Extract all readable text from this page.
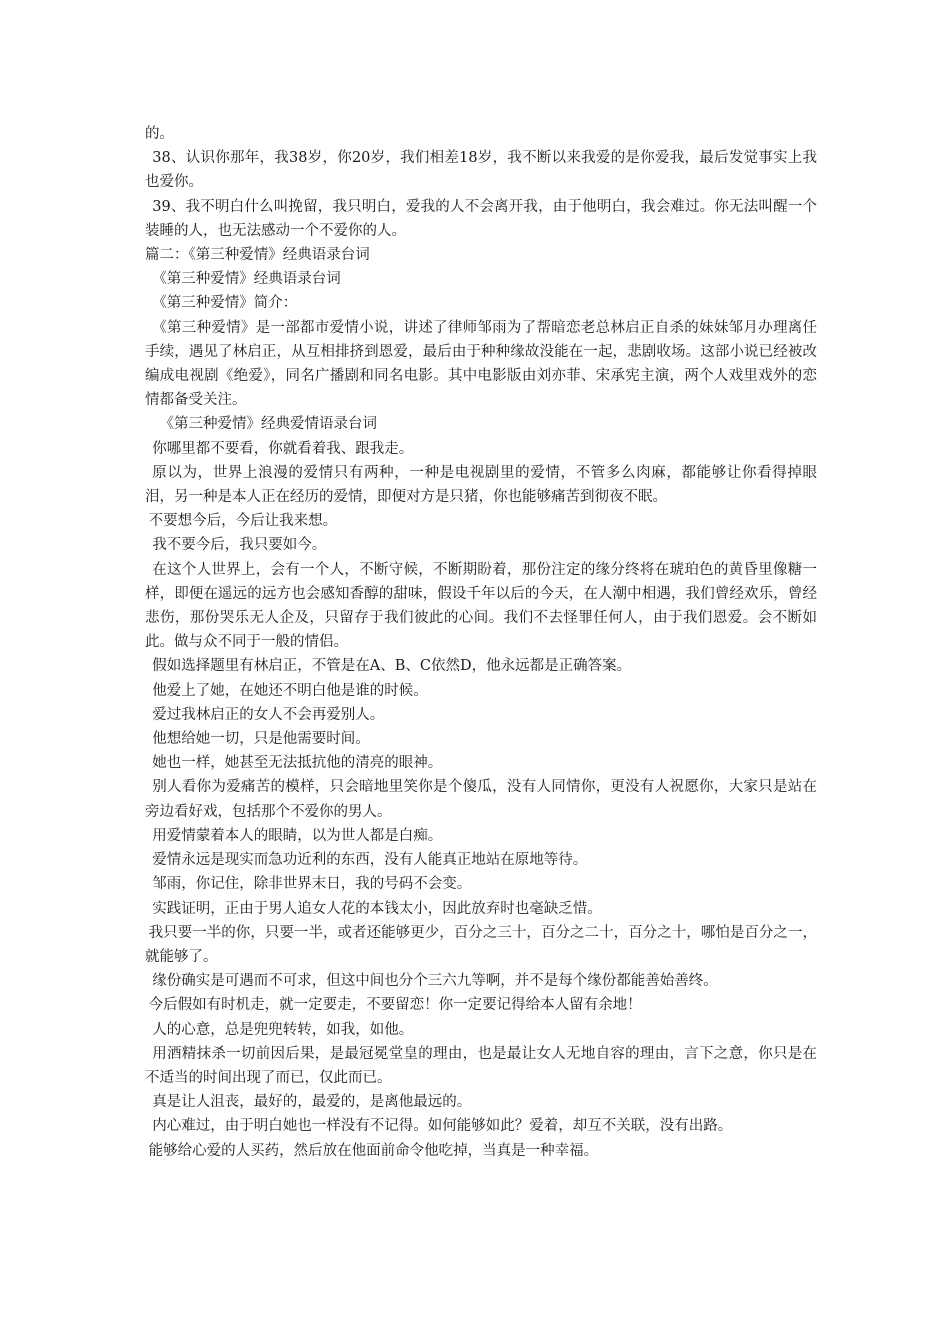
的。

38、认识你那年，我38岁，你20岁，我们相差18岁，我不断以来我爱的是你爱我，最后发觉事实上我也爱你。

39、我不明白什么叫挽留，我只明白，爱我的人不会离开我，由于他明白，我会难过。你无法叫醒一个装睡的人，也无法感动一个不爱你的人。

篇二：《第三种爱情》经典语录台词

《第三种爱情》经典语录台词

《第三种爱情》简介：

《第三种爱情》是一部都市爱情小说，讲述了律师邹雨为了帮暗恋老总林启正自杀的妹妹邹月办理离任手续，遇见了林启正，从互相排挤到恩爱，最后由于种种缘故没能在一起，悲剧收场。这部小说已经被改编成电视剧《绝爱》，同名广播剧和同名电影。其中电影版由刘亦菲、宋承宪主演，两个人戏里戏外的恋情都备受关注。

《第三种爱情》经典爱情语录台词

你哪里都不要看，你就看着我、跟我走。

原以为，世界上浪漫的爱情只有两种，一种是电视剧里的爱情，不管多么肉麻，都能够让你看得掉眼泪，另一种是本人正在经历的爱情，即便对方是只猪，你也能够痛苦到彻夜不眠。

不要想今后，今后让我来想。

我不要今后，我只要如今。

在这个人世界上，会有一个人，不断守候，不断期盼着，那份注定的缘分终将在琥珀色的黄昏里像糖一样，即便在遥远的远方也会感知香醇的甜味，假设千年以后的今天，在人潮中相遇，我们曾经欢乐，曾经悲伤，那份哭乐无人企及，只留存于我们彼此的心间。我们不去怪罪任何人，由于我们恩爱。会不断如此。做与众不同于一般的情侣。

假如选择题里有林启正，不管是在A、B、C依然D，他永远都是正确答案。

他爱上了她，在她还不明白他是谁的时候。

爱过我林启正的女人不会再爱别人。

他想给她一切，只是他需要时间。

她也一样，她甚至无法抵抗他的清亮的眼神。

别人看你为爱痛苦的模样，只会暗地里笑你是个傻瓜，没有人同情你，更没有人祝愿你，大家只是站在旁边看好戏，包括那个不爱你的男人。

用爱情蒙着本人的眼睛，以为世人都是白痴。

爱情永远是现实而急功近利的东西，没有人能真正地站在原地等待。

邹雨，你记住，除非世界末日，我的号码不会变。

实践证明，正由于男人追女人花的本钱太小，因此放弃时也毫缺乏惜。

我只要一半的你，只要一半，或者还能够更少，百分之三十，百分之二十，百分之十，哪怕是百分之一，就能够了。

缘份确实是可遇而不可求，但这中间也分个三六九等啊，并不是每个缘份都能善始善终。

今后假如有时机走，就一定要走，不要留恋！你一定要记得给本人留有余地！

人的心意，总是兜兜转转，如我，如他。

用酒精抹杀一切前因后果，是最冠冕堂皇的理由，也是最让女人无地自容的理由，言下之意，你只是在不适当的时间出现了而已，仅此而已。

真是让人沮丧，最好的，最爱的，是离他最远的。

内心难过，由于明白她也一样没有不记得。如何能够如此？爱着，却互不关联，没有出路。

能够给心爱的人买药，然后放在他面前命令他吃掉，当真是一种幸福。
